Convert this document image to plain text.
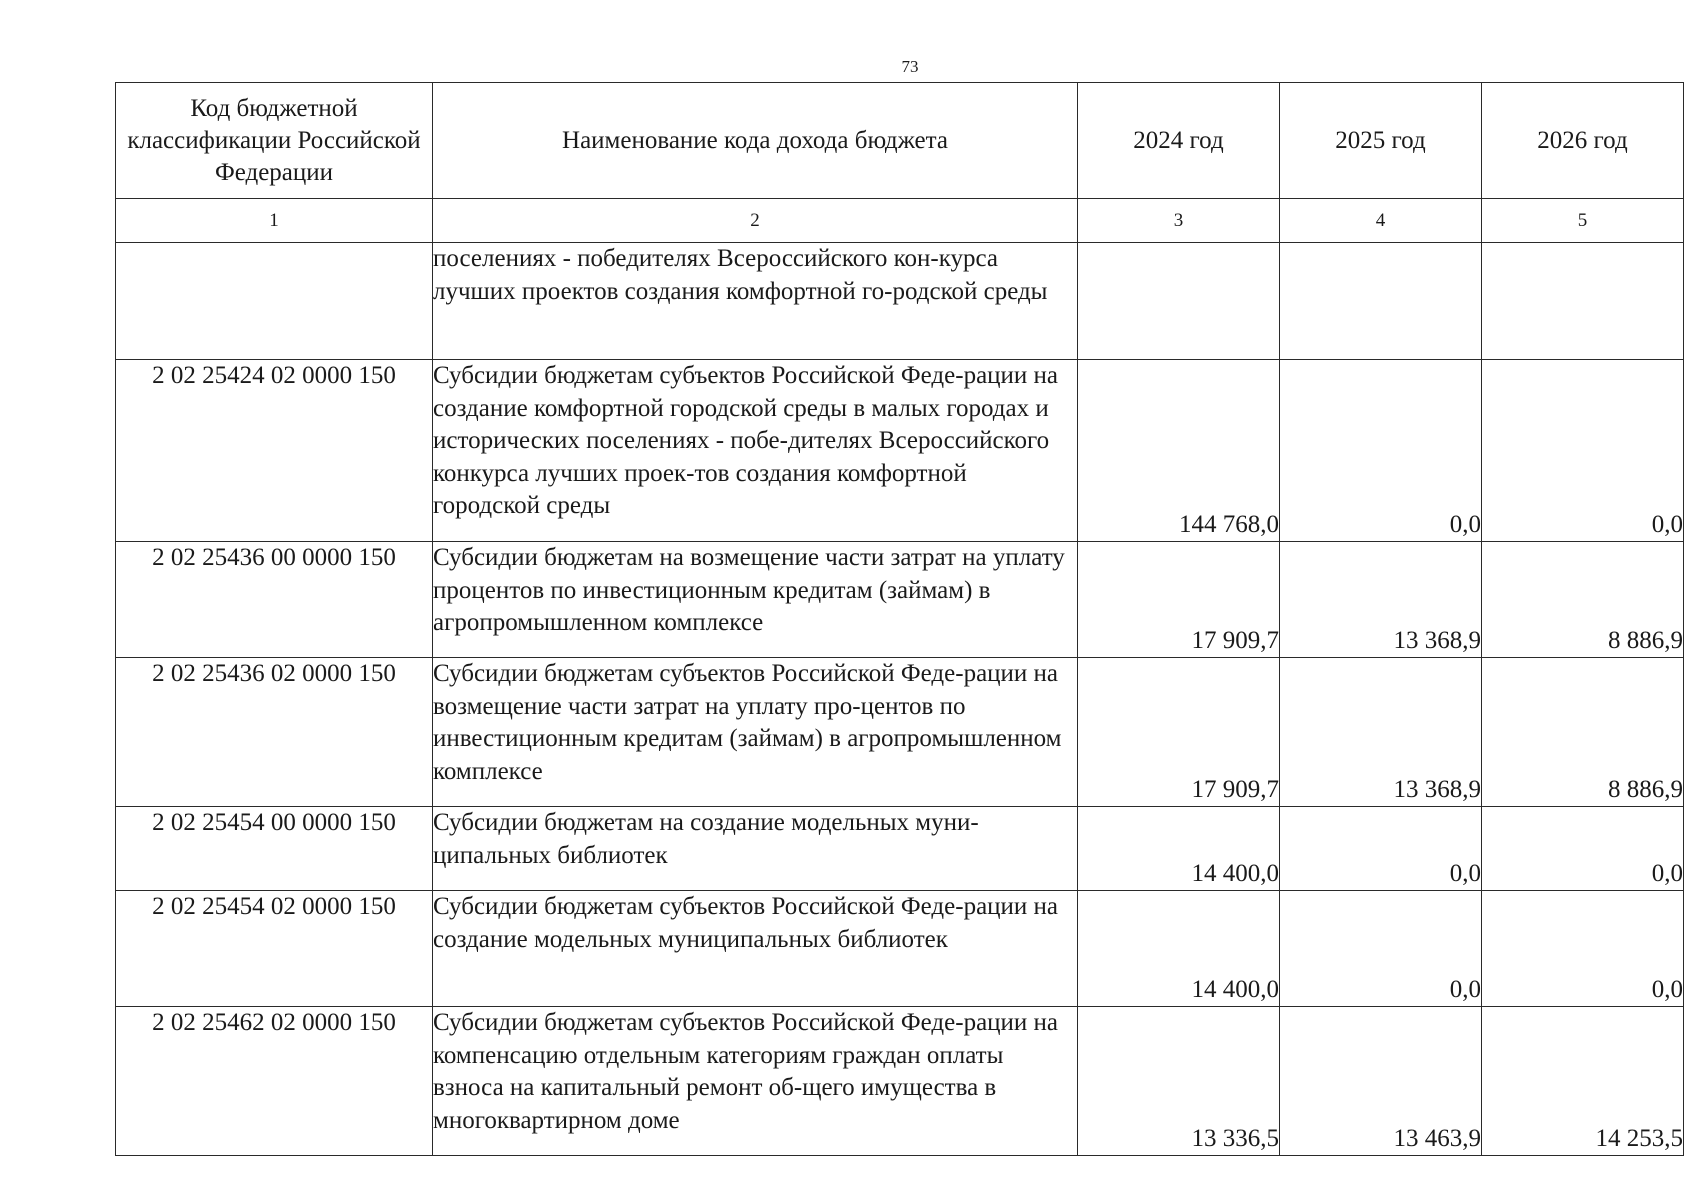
73
Код бюджетной классификации Российской Федерации	Наименование кода дохода бюджета	2024 год	2025 год	2026 год
1	2	3	4	5
	поселениях - победителях Всероссийского кон-курса лучших проектов создания комфортной го-родской среды			
2 02 25424 02 0000 150	Субсидии бюджетам субъектов Российской Феде-рации на создание комфортной городской среды в малых городах и исторических поселениях - побе-дителях Всероссийского конкурса лучших проек-тов создания комфортной городской среды	144 768,0	0,0	0,0
2 02 25436 00 0000 150	Субсидии бюджетам на возмещение части затрат на уплату процентов по инвестиционным кредитам (займам) в агропромышленном комплексе	17 909,7	13 368,9	8 886,9
2 02 25436 02 0000 150	Субсидии бюджетам субъектов Российской Феде-рации на возмещение части затрат на уплату про-центов по инвестиционным кредитам (займам) в агропромышленном комплексе	17 909,7	13 368,9	8 886,9
2 02 25454 00 0000 150	Субсидии бюджетам на создание модельных муни-ципальных библиотек	14 400,0	0,0	0,0
2 02 25454 02 0000 150	Субсидии бюджетам субъектов Российской Феде-рации на создание модельных муниципальных библиотек	14 400,0	0,0	0,0
2 02 25462 02 0000 150	Субсидии бюджетам субъектов Российской Феде-рации на компенсацию отдельным категориям граждан оплаты взноса на капитальный ремонт об-щего имущества в многоквартирном доме	13 336,5	13 463,9	14 253,5
